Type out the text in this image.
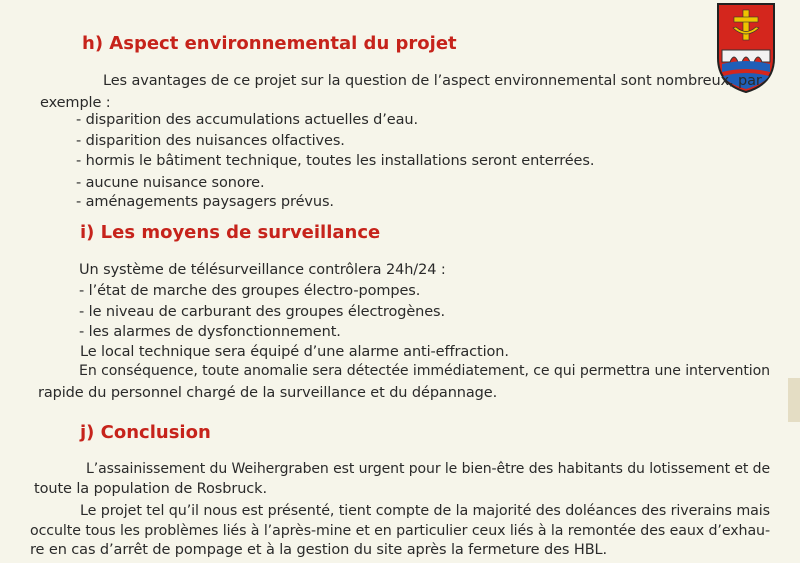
h) Aspect environnemental du projet
Les avantages de ce projet sur la question de l’aspect environnemental sont nombreux, par
exemple :
- disparition des accumulations actuelles d’eau.
- disparition des nuisances olfactives.
- hormis le bâtiment technique, toutes les installations seront enterrées.
- aucune nuisance sonore.
- aménagements paysagers prévus.
i) Les moyens de surveillance
Un système de télésurveillance contrôlera 24h/24 :
- l’état de marche des groupes électro-pompes.
- le niveau de carburant des groupes électrogènes.
- les alarmes de dysfonctionnement.
Le local technique sera équipé d’une alarme anti-effraction.
En conséquence, toute anomalie sera détectée immédiatement, ce qui permettra une intervention
rapide du personnel chargé de la surveillance et du dépannage.
j) Conclusion
L’assainissement du Weihergraben est urgent pour le bien-être des habitants du lotissement et de
toute la population de Rosbruck.
Le projet tel qu’il nous est présenté, tient compte de la majorité des doléances des riverains mais
occulte tous les problèmes liés à l’après-mine et en particulier ceux liés à la remontée des eaux d’exhau-
re en cas d’arrêt de pompage et à la gestion du site après la fermeture des HBL.
